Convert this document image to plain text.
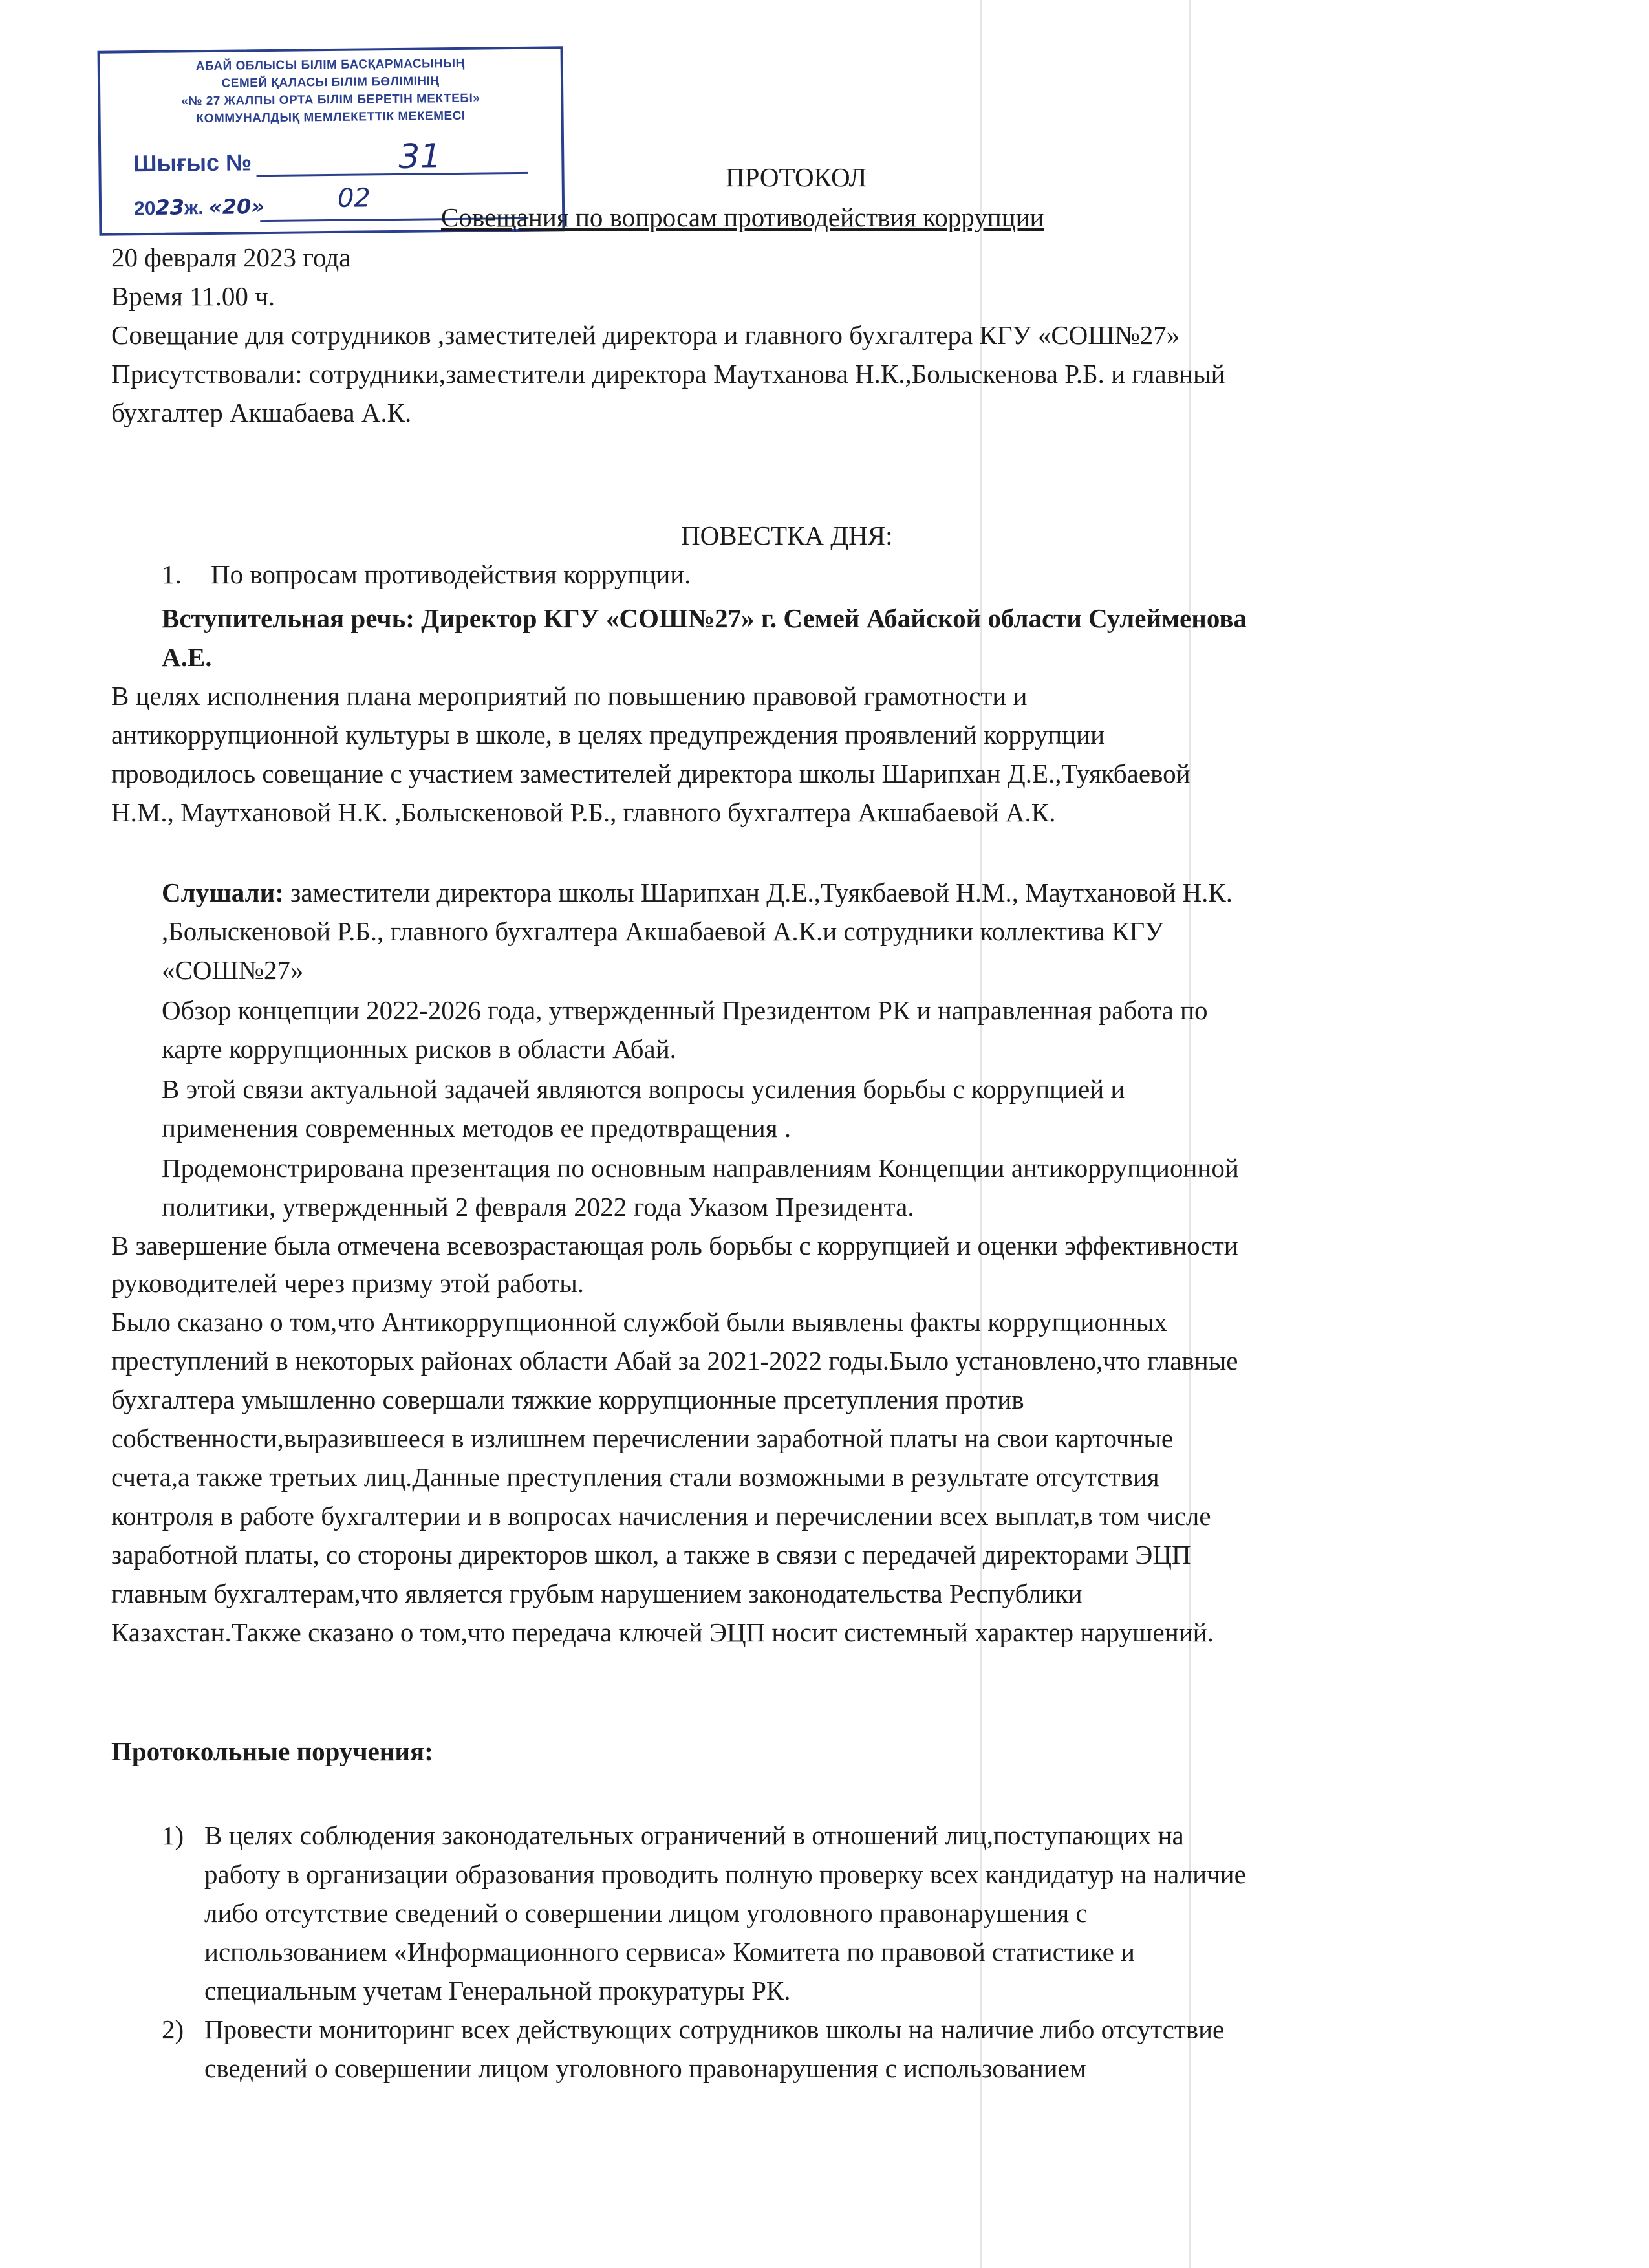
АБАЙ ОБЛЫСЫ БІЛІМ БАСҚАРМАСЫНЫҢ
СЕМЕЙ ҚАЛАСЫ БІЛІМ БӨЛІМІНІҢ
«№ 27 ЖАЛПЫ ОРТА БІЛІМ БЕРЕТІН МЕКТЕБІ»
КОММУНАЛДЫҚ МЕМЛЕКЕТТІК МЕКЕМЕСІ
Шығыс №	31
2023ж. «20»	02
ПРОТОКОЛ
Совещания по вопросам противодействия коррупции
20 февраля 2023 года
Время 11.00 ч.
Совещание для сотрудников ,заместителей директора и главного бухгалтера КГУ «СОШ№27»
Присутствовали: сотрудники,заместители директора Маутханова Н.К.,Болыскенова Р.Б. и главный
бухгалтер Акшабаева А.К.
ПОВЕСТКА ДНЯ:
1. По вопросам противодействия коррупции.
Вступительная речь: Директор КГУ «СОШ№27» г. Семей Абайской области Сулейменова
А.Е.
В целях исполнения плана мероприятий по повышению правовой грамотности и
антикоррупционной культуры в школе, в целях предупреждения проявлений коррупции
проводилось совещание с участием заместителей директора школы Шарипхан Д.Е.,Туякбаевой
Н.М., Маутхановой Н.К. ,Болыскеновой Р.Б., главного бухгалтера Акшабаевой А.К.
Слушали: заместители директора школы Шарипхан Д.Е.,Туякбаевой Н.М., Маутхановой Н.К.
,Болыскеновой Р.Б., главного бухгалтера Акшабаевой А.К.и сотрудники коллектива КГУ
«СОШ№27»
Обзор концепции 2022-2026 года, утвержденный Президентом РК и направленная работа по
карте коррупционных рисков в области Абай.
В этой связи актуальной задачей являются вопросы усиления борьбы с коррупцией и
применения современных методов ее предотвращения .
Продемонстрирована презентация по основным направлениям Концепции антикоррупционной
политики, утвержденный 2 февраля 2022 года Указом Президента.
В завершение была отмечена всевозрастающая роль борьбы с коррупцией и оценки эффективности
руководителей через призму этой работы.
Было сказано о том,что Антикоррупционной службой были выявлены факты коррупционных
преступлений в некоторых районах области Абай за 2021-2022 годы.Было установлено,что главные
бухгалтера умышленно совершали тяжкие коррупционные прсетупления против
собственности,выразившееся в излишнем перечислении заработной платы на свои карточные
счета,а также третьих лиц.Данные преступления стали возможными в результате отсутствия
контроля в работе бухгалтерии и в вопросах начисления и перечислении всех выплат,в том числе
заработной платы, со стороны директоров школ, а также в связи с передачей директорами ЭЦП
главным бухгалтерам,что является грубым нарушением законодательства Республики
Казахстан.Также сказано о том,что передача ключей ЭЦП носит системный характер нарушений.
Протокольные поручения:
1) В целях соблюдения законодательных ограничений в отношений лиц,поступающих на
работу в организации образования проводить полную проверку всех кандидатур на наличие
либо отсутствие сведений о совершении лицом уголовного правонарушения с
использованием «Информационного сервиса» Комитета по правовой статистике и
специальным учетам Генеральной прокуратуры РК.
2) Провести мониторинг всех действующих сотрудников школы на наличие либо отсутствие
сведений о совершении лицом уголовного правонарушения с использованием
